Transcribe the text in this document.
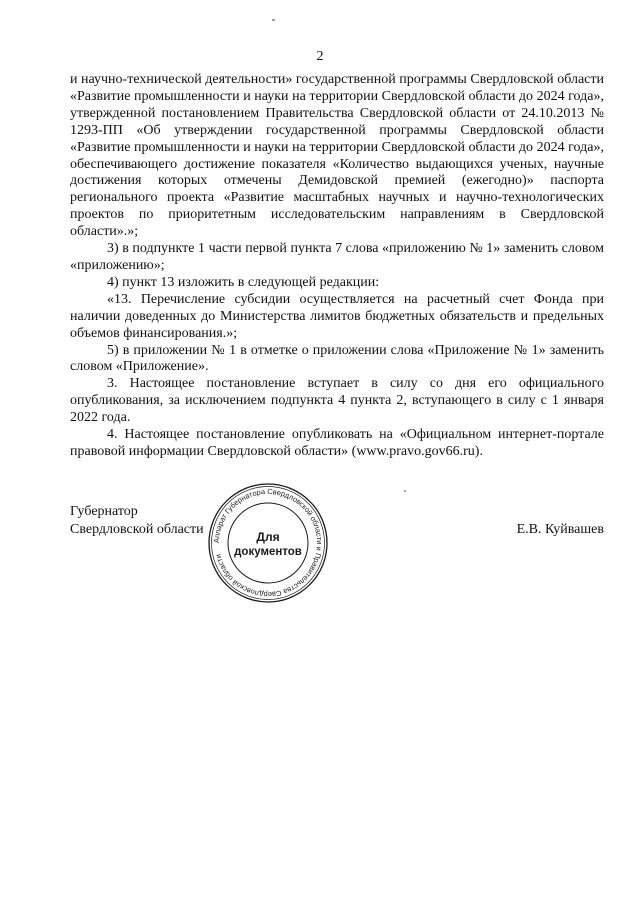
2

и научно-технической деятельности» государственной программы Свердловской области «Развитие промышленности и науки на территории Свердловской области до 2024 года», утвержденной постановлением Правительства Свердловской области от 24.10.2013 № 1293-ПП «Об утверждении государственной программы Свердловской области «Развитие промышленности и науки на территории Свердловской области до 2024 года», обеспечивающего достижение показателя «Количество выдающихся ученых, научные достижения которых отмечены Демидовской премией (ежегодно)» паспорта регионального проекта «Развитие масштабных научных и научно-технологических проектов по приоритетным исследовательским направлениям в Свердловской области».»;

3) в подпункте 1 части первой пункта 7 слова «приложению № 1» заменить словом «приложению»;

4) пункт 13 изложить в следующей редакции:

«13. Перечисление субсидии осуществляется на расчетный счет Фонда при наличии доведенных до Министерства лимитов бюджетных обязательств и предельных объемов финансирования.»;

5) в приложении № 1 в отметке о приложении слова «Приложение № 1» заменить словом «Приложение».

3. Настоящее постановление вступает в силу со дня его официального опубликования, за исключением подпункта 4 пункта 2, вступающего в силу с 1 января 2022 года.

4. Настоящее постановление опубликовать на «Официальном интернет-портале правовой информации Свердловской области» (www.pravo.gov66.ru).

Губернатор
Свердловской области	Е.В. Куйвашев
Аппарат Губернатора Свердловской области и Правительства Свердловской области
Для
документов
